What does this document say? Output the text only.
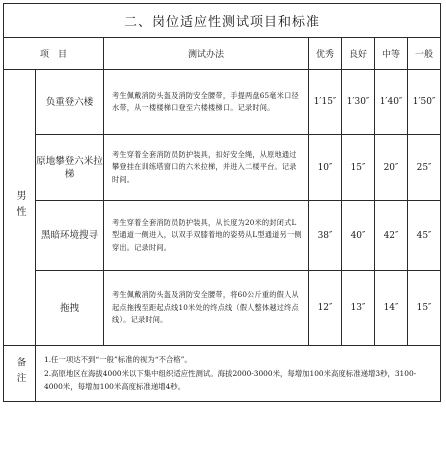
二、岗位适应性测试项目和标准						
项　目		测试办法	优秀	良好	中等	一般
男性	负重登六楼	考生佩戴消防头盔及消防安全腰带，手提两盘65毫米口径水带，从一楼楼梯口登至六楼楼梯口。记录时间。	1′15″	1′30″	1′40″	1′50″
	原地攀登六米拉梯	考生穿着全套消防员防护装具，扣好安全绳，从原地通过攀登挂在训练塔窗口的六米拉梯，并进入二楼平台。记录时间。	10″	15″	20″	25″
	黑暗环境搜寻	考生穿着全套消防员防护装具，从长度为20米的封闭式L型通道一侧进入，以双手双膝着地的姿势从L型通道另一侧穿出。记录时间。	38″	40″	42″	45″
	拖拽	考生佩戴消防头盔及消防安全腰带，将60公斤重的假人从起点拖拽至距起点线10米处的终点线（假人整体越过终点线）。记录时间。	12″	13″	14″	15″
备注	1.任一项达不到“一般”标准的视为“不合格”。
2.高原地区在海拔4000米以下集中组织适应性测试。海拔2000-3000米，每增加100米高度标准递增3秒，3100-4000米，每增加100米高度标准递增4秒。					
